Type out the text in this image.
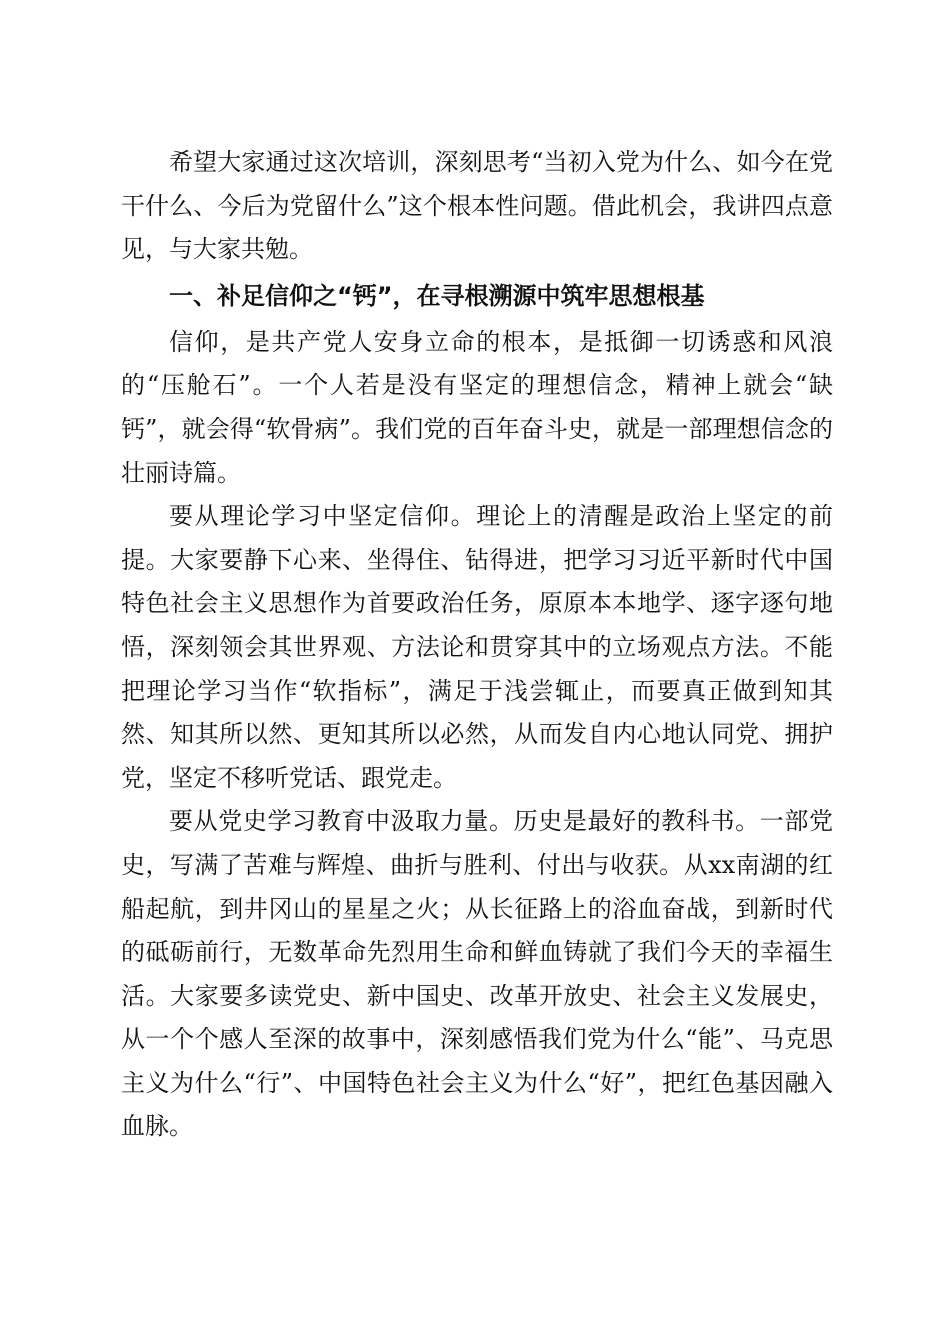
希望大家通过这次培训，深刻思考“当初入党为什么、如今在党干什么、今后为党留什么”这个根本性问题。借此机会，我讲四点意见，与大家共勉。

一、补足信仰之“钙”，在寻根溯源中筑牢思想根基

信仰，是共产党人安身立命的根本，是抵御一切诱惑和风浪的“压舱石”。一个人若是没有坚定的理想信念，精神上就会“缺钙”，就会得“软骨病”。我们党的百年奋斗史，就是一部理想信念的壮丽诗篇。

要从理论学习中坚定信仰。理论上的清醒是政治上坚定的前提。大家要静下心来、坐得住、钻得进，把学习习近平新时代中国特色社会主义思想作为首要政治任务，原原本本地学、逐字逐句地悟，深刻领会其世界观、方法论和贯穿其中的立场观点方法。不能把理论学习当作“软指标”，满足于浅尝辄止，而要真正做到知其然、知其所以然、更知其所以必然，从而发自内心地认同党、拥护党，坚定不移听党话、跟党走。

要从党史学习教育中汲取力量。历史是最好的教科书。一部党史，写满了苦难与辉煌、曲折与胜利、付出与收获。从xx南湖的红船起航，到井冈山的星星之火；从长征路上的浴血奋战，到新时代的砥砺前行，无数革命先烈用生命和鲜血铸就了我们今天的幸福生活。大家要多读党史、新中国史、改革开放史、社会主义发展史，从一个个感人至深的故事中，深刻感悟我们党为什么“能”、马克思主义为什么“行”、中国特色社会主义为什么“好”，把红色基因融入血脉。
